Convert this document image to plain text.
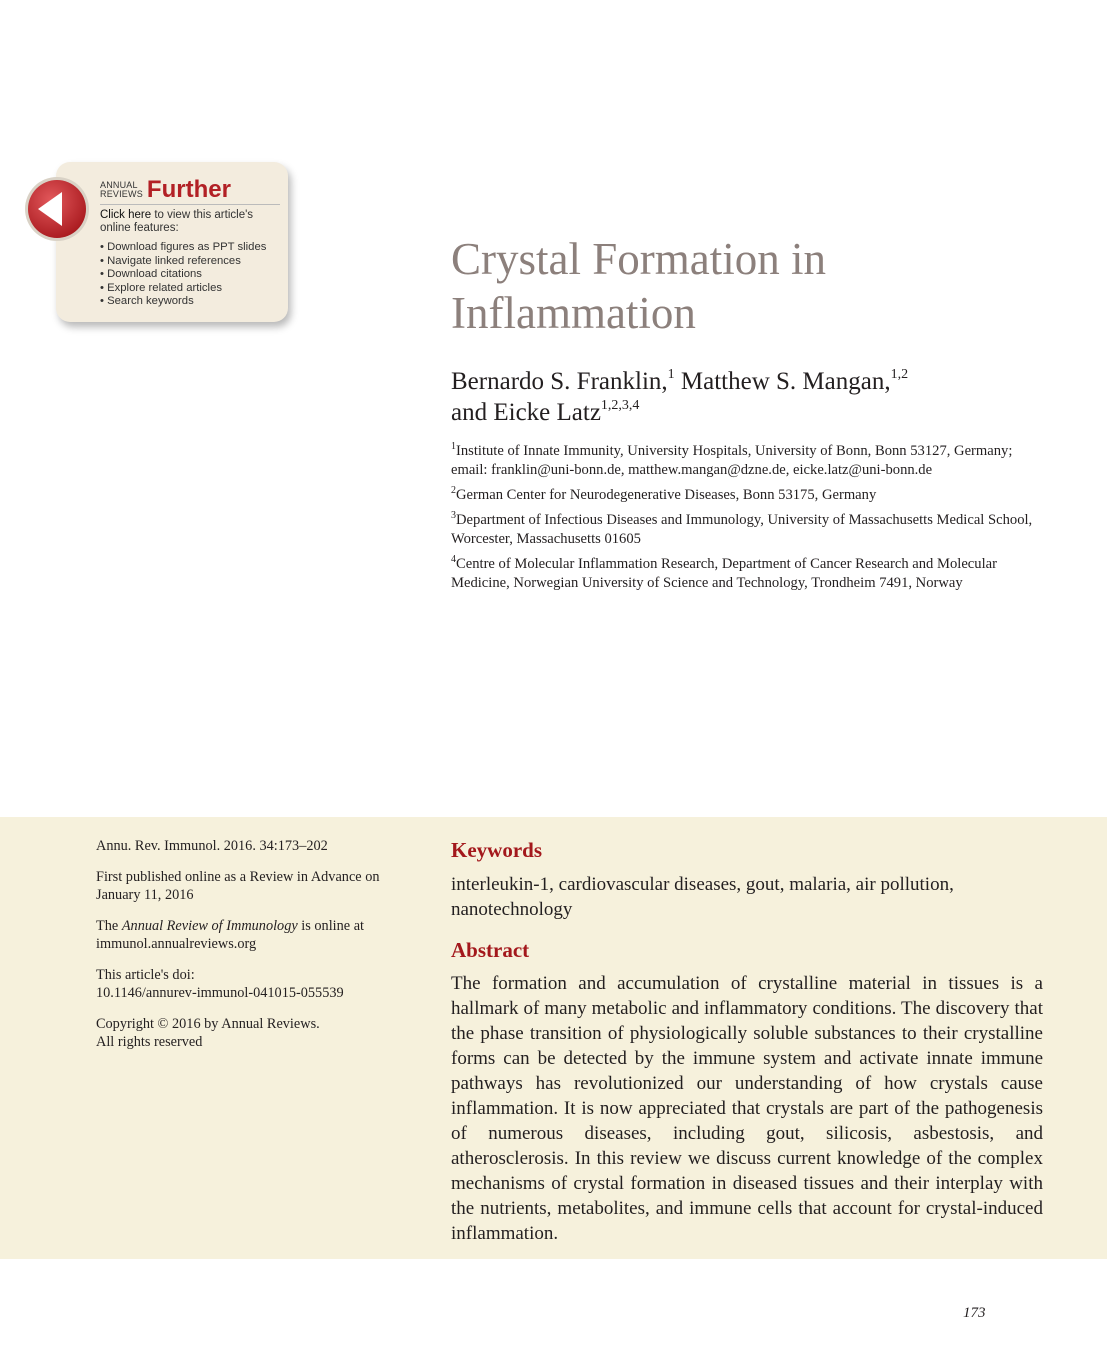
ANNUAL
REVIEWS Further
Click here to view this article's online features:
• Download figures as PPT slides
• Navigate linked references
• Download citations
• Explore related articles
• Search keywords
Crystal Formation in
Inflammation
Bernardo S. Franklin,$^1$ Matthew S. Mangan,$^{1,2}$
and Eicke Latz$^{1,2,3,4}$
$^1$Institute of Innate Immunity, University Hospitals, University of Bonn, Bonn 53127, Germany; email: franklin@uni-bonn.de, matthew.mangan@dzne.de, eicke.latz@uni-bonn.de
$^2$German Center for Neurodegenerative Diseases, Bonn 53175, Germany
$^3$Department of Infectious Diseases and Immunology, University of Massachusetts Medical School, Worcester, Massachusetts 01605
$^4$Centre of Molecular Inflammation Research, Department of Cancer Research and Molecular Medicine, Norwegian University of Science and Technology, Trondheim 7491, Norway

Annu. Rev. Immunol. 2016. 34:173–202

First published online as a Review in Advance on January 11, 2016

The Annual Review of Immunology is online at immunol.annualreviews.org

This article's doi:
10.1146/annurev-immunol-041015-055539

Copyright © 2016 by Annual Reviews.
All rights reserved

Keywords
interleukin-1, cardiovascular diseases, gout, malaria, air pollution, nanotechnology
Abstract

The formation and accumulation of crystalline material in tissues is a hallmark of many metabolic and inflammatory conditions. The discovery that the phase transition of physiologically soluble substances to their crystalline forms can be detected by the immune system and activate innate immune pathways has revolutionized our understanding of how crystals cause inflammation. It is now appreciated that crystals are part of the pathogenesis of numerous diseases, including gout, silicosis, asbestosis, and atherosclerosis. In this review we discuss current knowledge of the complex mechanisms of crystal formation in diseased tissues and their interplay with the nutrients, metabolites, and immune cells that account for crystal-induced inflammation.

173
